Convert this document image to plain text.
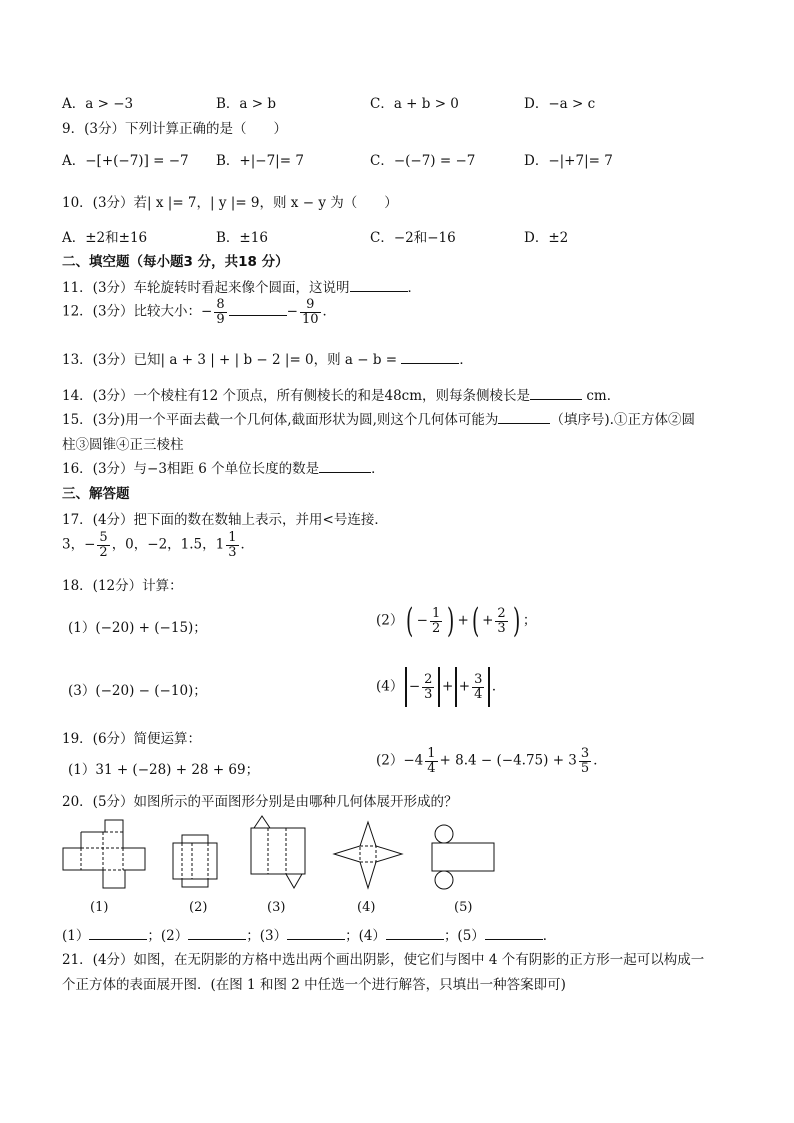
A．a > −3	B．a > b	C．a + b > 0	D．−a > c
9．(3分）下列计算正确的是（　　）
A．−[+(−7)] = −7 B．+|−7|= 7	C．−(−7) = −7	D．−|+7|= 7
10．(3分）若| x |= 7，| y |= 9，则 x − y 为（　　）
A．±2和±16	B．±16	C．−2和−16	D．±2
二、填空题（每小题3 分，共18 分）
11．(3分）车轮旋转时看起来像个圆面，这说明	．
12．(3分）比较大小：− $\frac{8}{9}$	− $\frac{9}{10}$ ．
13．(3分）已知| a + 3 | + | b − 2 |= 0，则 a − b =	．
14．(3分）一个棱柱有12 个顶点，所有侧棱长的和是48cm，则每条侧棱长是	cm．
15．(3分)用一个平面去截一个几何体,截面形状为圆,则这个几何体可能为	（填序号).①正方体②圆
柱③圆锥④正三棱柱
16．(3分）与−3相距 6 个单位长度的数是	．
三、解答题
17．(4分）把下面的数在数轴上表示，并用<号连接．
3，− $\frac{5}{2}$ ，0，−2，1.5，$1 \frac{1}{3}$ ．
18．(12分）计算：
(1）(−20) + (−15)；	$(2)( - \frac{1}{2}$ ) +( + $\frac{2}{3}$ ) ；
(3）(−20) − (−10)；	$(4) - \frac{2}{3}$ + + $\frac{3}{4}$ ．
19．(6分）简便运算：
(1）31 + (−28) + 28 + 69；
$(2)-4 \frac{1}{4} + 8.4 - (-4.75) + 3 \frac{3}{5}$ ．
20．(5分）如图所示的平面图形分别是由哪种几何体展开形成的？
(1)	(2)	(3)	(4)	(5)
(1）	；(2）	；(3）	；(4）	；(5）	．
21．(4分）如图，在无阴影的方格中选出两个画出阴影，使它们与图中 4 个有阴影的正方形一起可以构成一
个正方体的表面展开图．(在图 1 和图 2 中任选一个进行解答，只填出一种答案即可)
